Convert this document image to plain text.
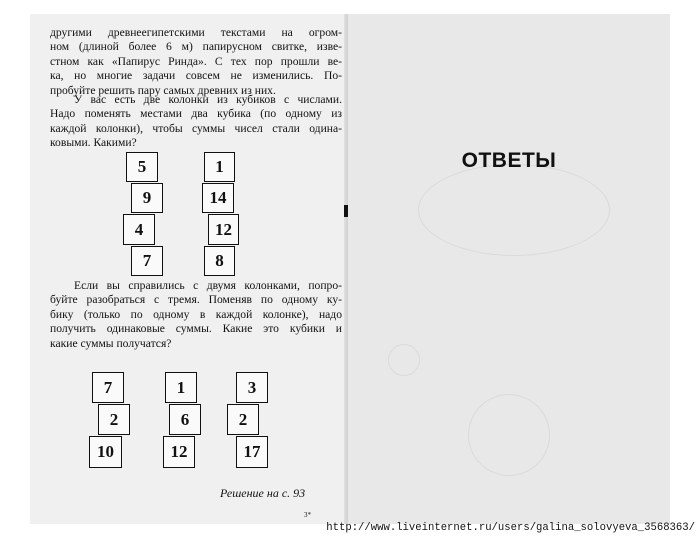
другими древнеегипетскими текстами на огром-
ном (длиной более 6 м) папирусном свитке, изве-
стном как «Папирус Ринда». С тех пор прошли ве-
ка, но многие задачи совсем не изменились. По-
пробуйте решить пару самых древних из них.
У вас есть две колонки из кубиков с числами.
Надо поменять местами два кубика (по одному из
каждой колонки), чтобы суммы чисел стали одина-
ковыми. Какими?
5
9
4
7
1
14
12
8
Если вы справились с двумя колонками, попро-
буйте разобраться с тремя. Поменяв по одному ку-
бику (только по одному в каждой колонке), надо
получить одинаковые суммы. Какие это кубики и
какие суммы получатся?
7
2
10
1
6
12
3
2
17
Решение на с. 93
3*
ОТВЕТЫ
http://www.liveinternet.ru/users/galina_solovyeva_3568363/
